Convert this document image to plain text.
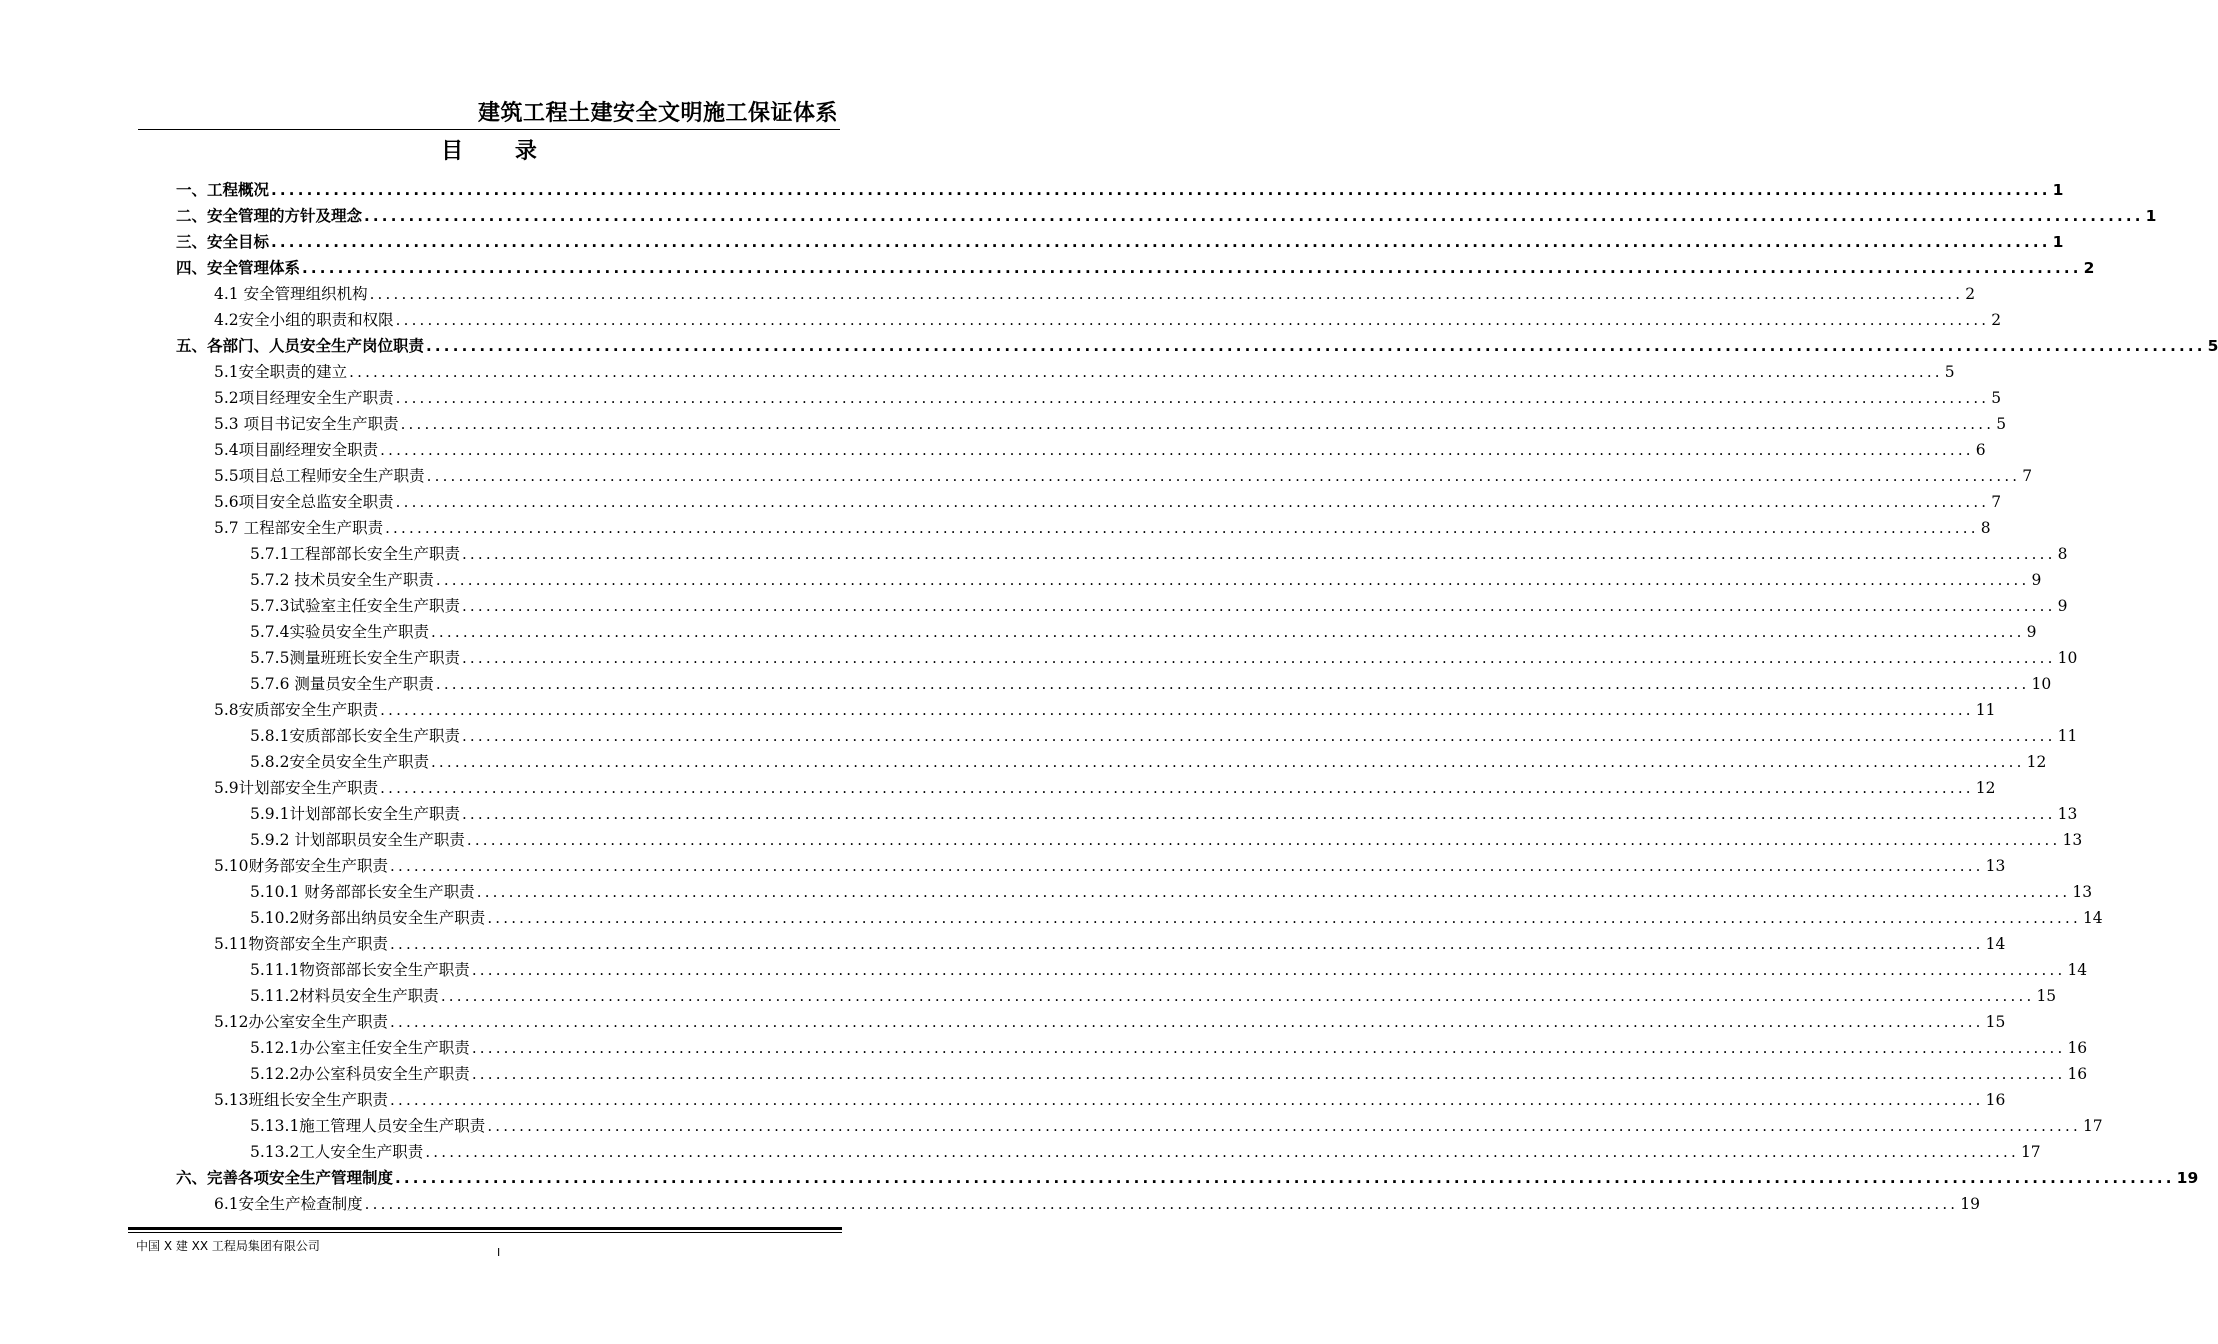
建筑工程土建安全文明施工保证体系
目 录
一、工程概况 ........................................................................................................................................................................................................ 1
二、安全管理的方针及理念 ........................................................................................................................................................................................................ 1
三、安全目标 ........................................................................................................................................................................................................ 1
四、安全管理体系 ........................................................................................................................................................................................................ 2
4.1 安全管理组织机构 ........................................................................................................................................................................................................ 2
4.2安全小组的职责和权限 ........................................................................................................................................................................................................ 2
五、各部门、人员安全生产岗位职责 ........................................................................................................................................................................................................ 5
5.1安全职责的建立 ........................................................................................................................................................................................................ 5
5.2项目经理安全生产职责 ........................................................................................................................................................................................................ 5
5.3 项目书记安全生产职责 ........................................................................................................................................................................................................ 5
5.4项目副经理安全职责 ........................................................................................................................................................................................................ 6
5.5项目总工程师安全生产职责 ........................................................................................................................................................................................................ 7
5.6项目安全总监安全职责 ........................................................................................................................................................................................................ 7
5.7 工程部安全生产职责 ........................................................................................................................................................................................................ 8
5.7.1工程部部长安全生产职责 ........................................................................................................................................................................................................ 8
5.7.2 技术员安全生产职责 ........................................................................................................................................................................................................ 9
5.7.3试验室主任安全生产职责 ........................................................................................................................................................................................................ 9
5.7.4实验员安全生产职责 ........................................................................................................................................................................................................ 9
5.7.5测量班班长安全生产职责 ........................................................................................................................................................................................................ 10
5.7.6 测量员安全生产职责 ........................................................................................................................................................................................................ 10
5.8安质部安全生产职责 ........................................................................................................................................................................................................ 11
5.8.1安质部部长安全生产职责 ........................................................................................................................................................................................................ 11
5.8.2安全员安全生产职责 ........................................................................................................................................................................................................ 12
5.9计划部安全生产职责 ........................................................................................................................................................................................................ 12
5.9.1计划部部长安全生产职责 ........................................................................................................................................................................................................ 13
5.9.2 计划部职员安全生产职责 ........................................................................................................................................................................................................ 13
5.10财务部安全生产职责 ........................................................................................................................................................................................................ 13
5.10.1 财务部部长安全生产职责 ........................................................................................................................................................................................................ 13
5.10.2财务部出纳员安全生产职责 ........................................................................................................................................................................................................ 14
5.11物资部安全生产职责 ........................................................................................................................................................................................................ 14
5.11.1物资部部长安全生产职责 ........................................................................................................................................................................................................ 14
5.11.2材料员安全生产职责 ........................................................................................................................................................................................................ 15
5.12办公室安全生产职责 ........................................................................................................................................................................................................ 15
5.12.1办公室主任安全生产职责 ........................................................................................................................................................................................................ 16
5.12.2办公室科员安全生产职责 ........................................................................................................................................................................................................ 16
5.13班组长安全生产职责 ........................................................................................................................................................................................................ 16
5.13.1施工管理人员安全生产职责 ........................................................................................................................................................................................................ 17
5.13.2工人安全生产职责 ........................................................................................................................................................................................................ 17
六、完善各项安全生产管理制度 ........................................................................................................................................................................................................ 19
6.1安全生产检查制度 ........................................................................................................................................................................................................ 19
中国 X 建 XX 工程局集团有限公司	I
